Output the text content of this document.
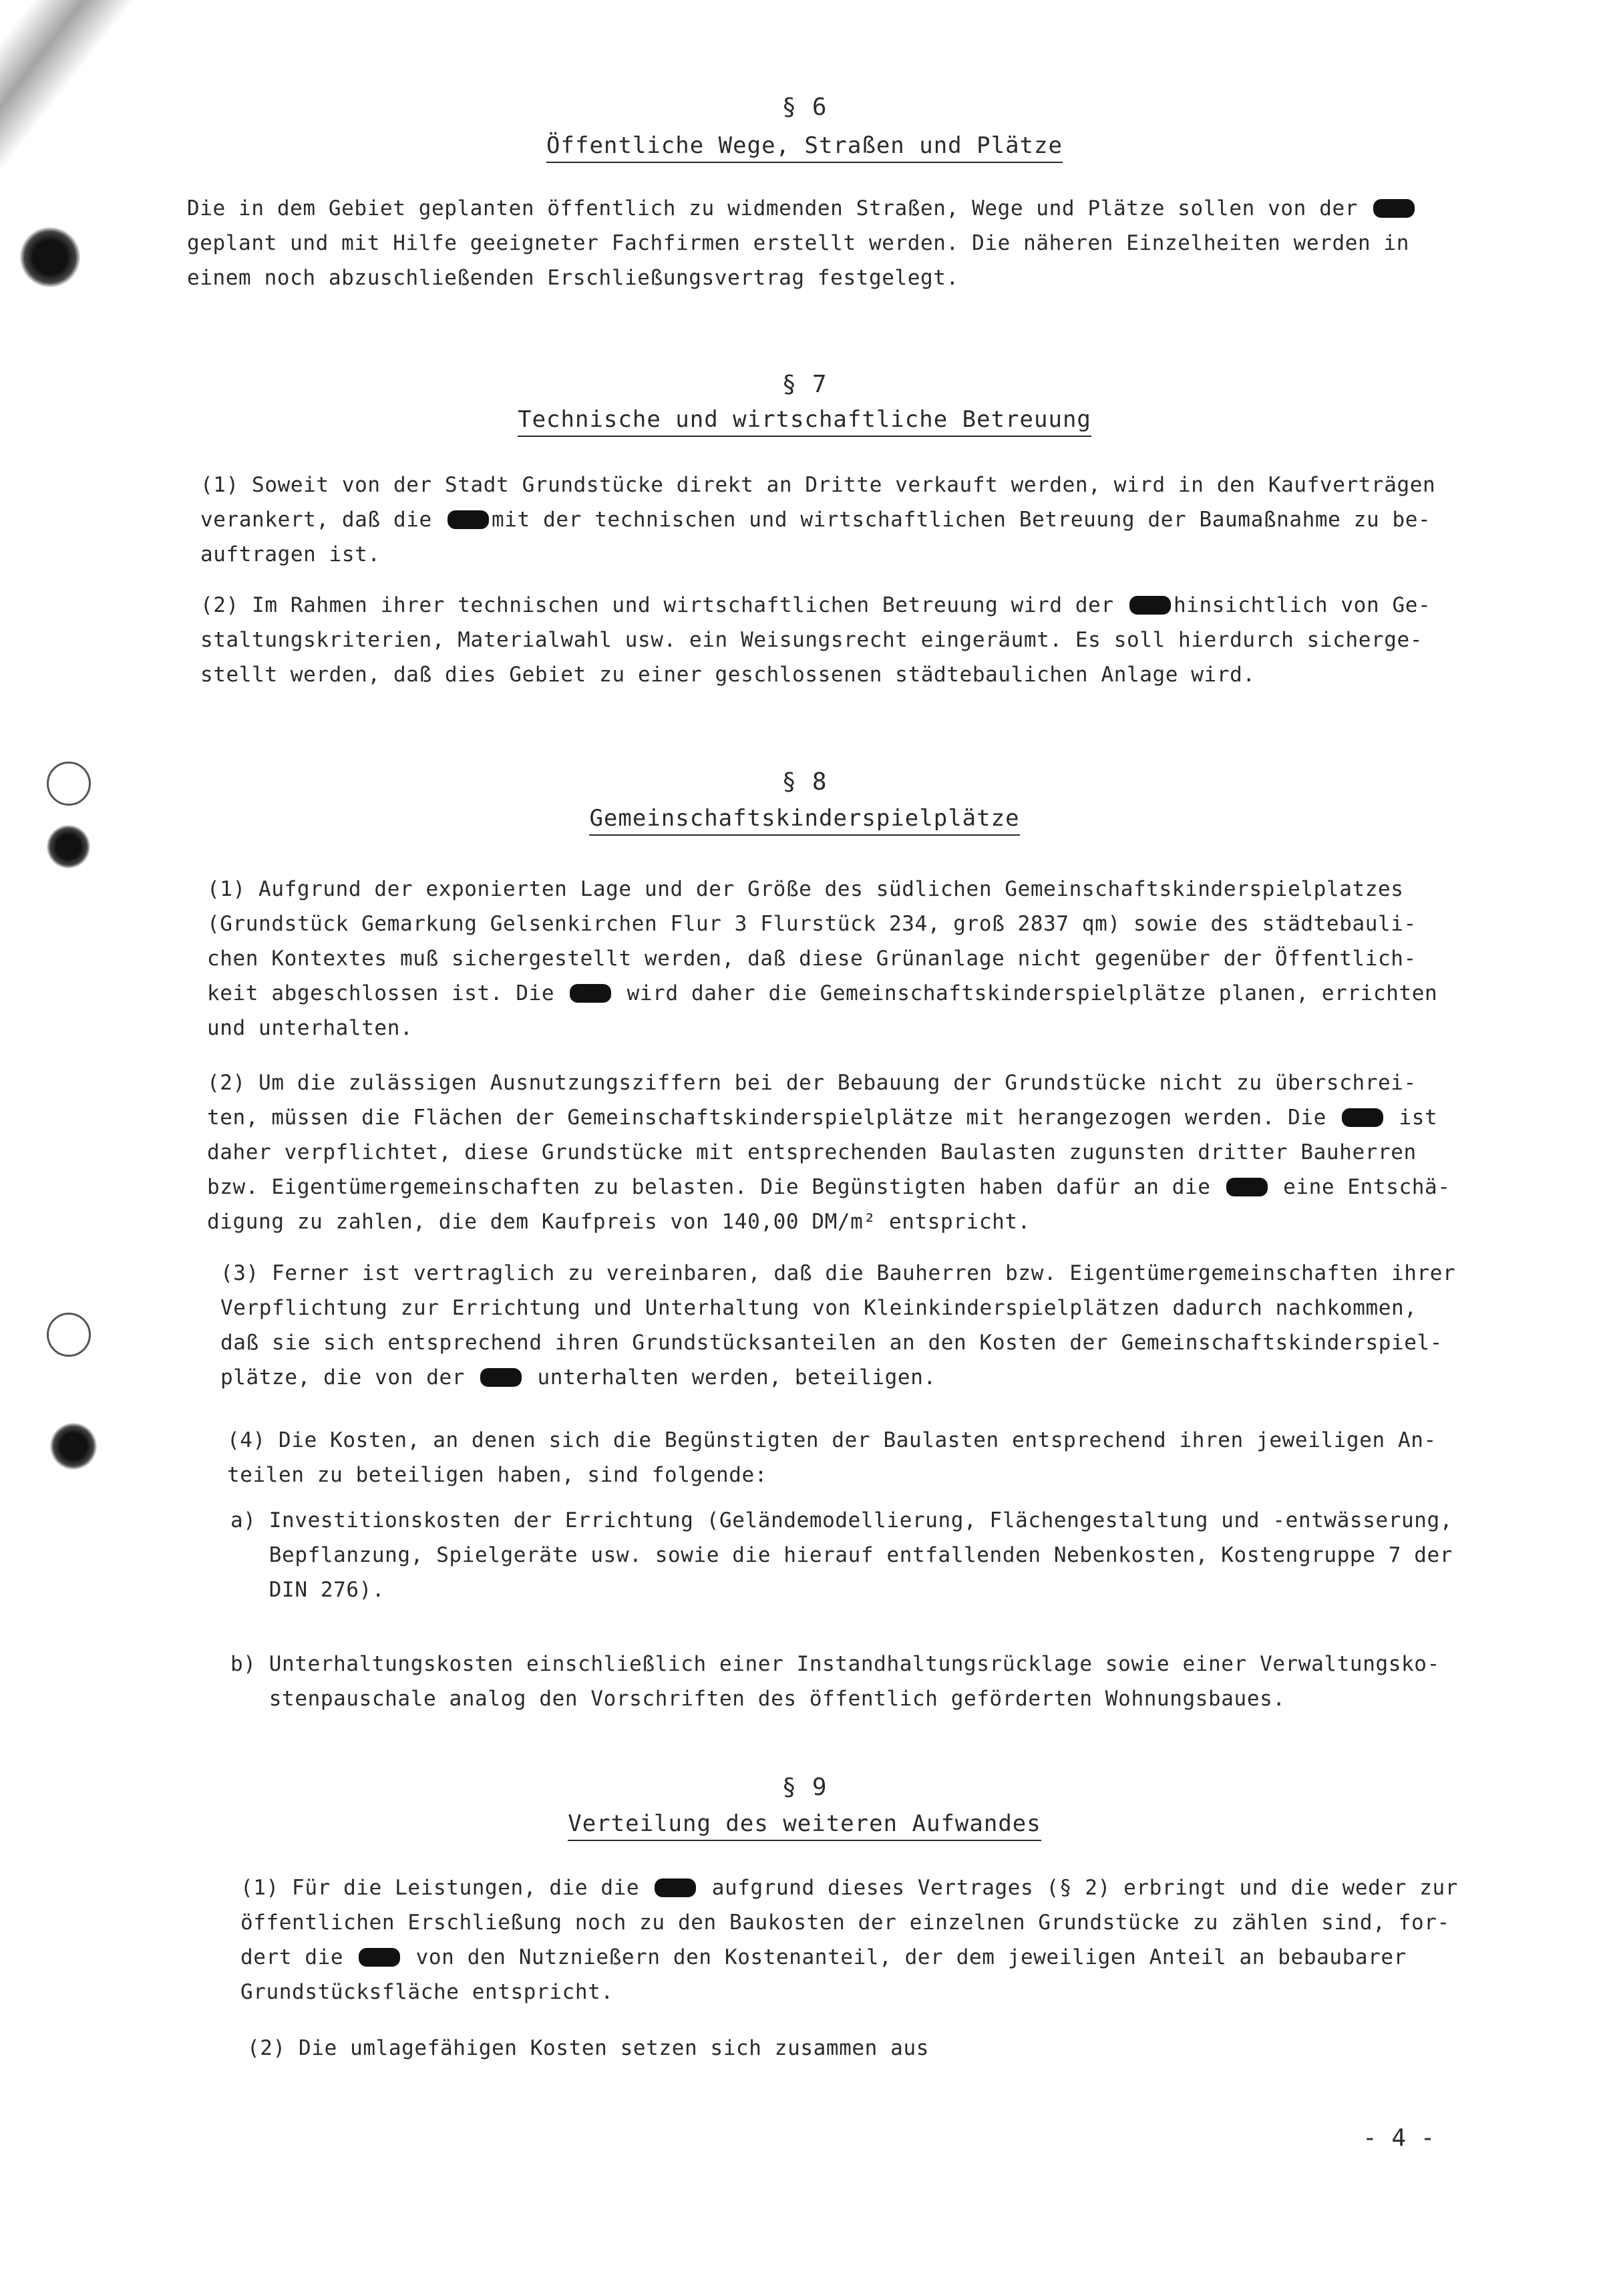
§ 6
Öffentliche Wege, Straßen und Plätze
Die in dem Gebiet geplanten öffentlich zu widmenden Straßen, Wege und Plätze sollen von der
geplant und mit Hilfe geeigneter Fachfirmen erstellt werden. Die näheren Einzelheiten werden in
einem noch abzuschließenden Erschließungsvertrag festgelegt.
§ 7
Technische und wirtschaftliche Betreuung
(1) Soweit von der Stadt Grundstücke direkt an Dritte verkauft werden, wird in den Kaufverträgen
verankert, daß die mit der technischen und wirtschaftlichen Betreuung der Baumaßnahme zu be-
auftragen ist.
(2) Im Rahmen ihrer technischen und wirtschaftlichen Betreuung wird der hinsichtlich von Ge-
staltungskriterien, Materialwahl usw. ein Weisungsrecht eingeräumt. Es soll hierdurch sicherge-
stellt werden, daß dies Gebiet zu einer geschlossenen städtebaulichen Anlage wird.
§ 8
Gemeinschaftskinderspielplätze
(1) Aufgrund der exponierten Lage und der Größe des südlichen Gemeinschaftskinderspielplatzes
(Grundstück Gemarkung Gelsenkirchen Flur 3 Flurstück 234, groß 2837 qm) sowie des städtebauli-
chen Kontextes muß sichergestellt werden, daß diese Grünanlage nicht gegenüber der Öffentlich-
keit abgeschlossen ist. Die  wird daher die Gemeinschaftskinderspielplätze planen, errichten
und unterhalten.
(2) Um die zulässigen Ausnutzungsziffern bei der Bebauung der Grundstücke nicht zu überschrei-
ten, müssen die Flächen der Gemeinschaftskinderspielplätze mit herangezogen werden. Die  ist
daher verpflichtet, diese Grundstücke mit entsprechenden Baulasten zugunsten dritter Bauherren
bzw. Eigentümergemeinschaften zu belasten. Die Begünstigten haben dafür an die  eine Entschä-
digung zu zahlen, die dem Kaufpreis von 140,00 DM/m² entspricht.
(3) Ferner ist vertraglich zu vereinbaren, daß die Bauherren bzw. Eigentümergemeinschaften ihrer
Verpflichtung zur Errichtung und Unterhaltung von Kleinkinderspielplätzen dadurch nachkommen,
daß sie sich entsprechend ihren Grundstücksanteilen an den Kosten der Gemeinschaftskinderspiel-
plätze, die von der  unterhalten werden, beteiligen.
(4) Die Kosten, an denen sich die Begünstigten der Baulasten entsprechend ihren jeweiligen An-
teilen zu beteiligen haben, sind folgende:
a) Investitionskosten der Errichtung (Geländemodellierung, Flächengestaltung und -entwässerung,
Bepflanzung, Spielgeräte usw. sowie die hierauf entfallenden Nebenkosten, Kostengruppe 7 der
DIN 276).
b) Unterhaltungskosten einschließlich einer Instandhaltungsrücklage sowie einer Verwaltungsko-
stenpauschale analog den Vorschriften des öffentlich geförderten Wohnungsbaues.
§ 9
Verteilung des weiteren Aufwandes
(1) Für die Leistungen, die die  aufgrund dieses Vertrages (§ 2) erbringt und die weder zur
öffentlichen Erschließung noch zu den Baukosten der einzelnen Grundstücke zu zählen sind, for-
dert die  von den Nutznießern den Kostenanteil, der dem jeweiligen Anteil an bebaubarer
Grundstücksfläche entspricht.
(2) Die umlagefähigen Kosten setzen sich zusammen aus
- 4 -
